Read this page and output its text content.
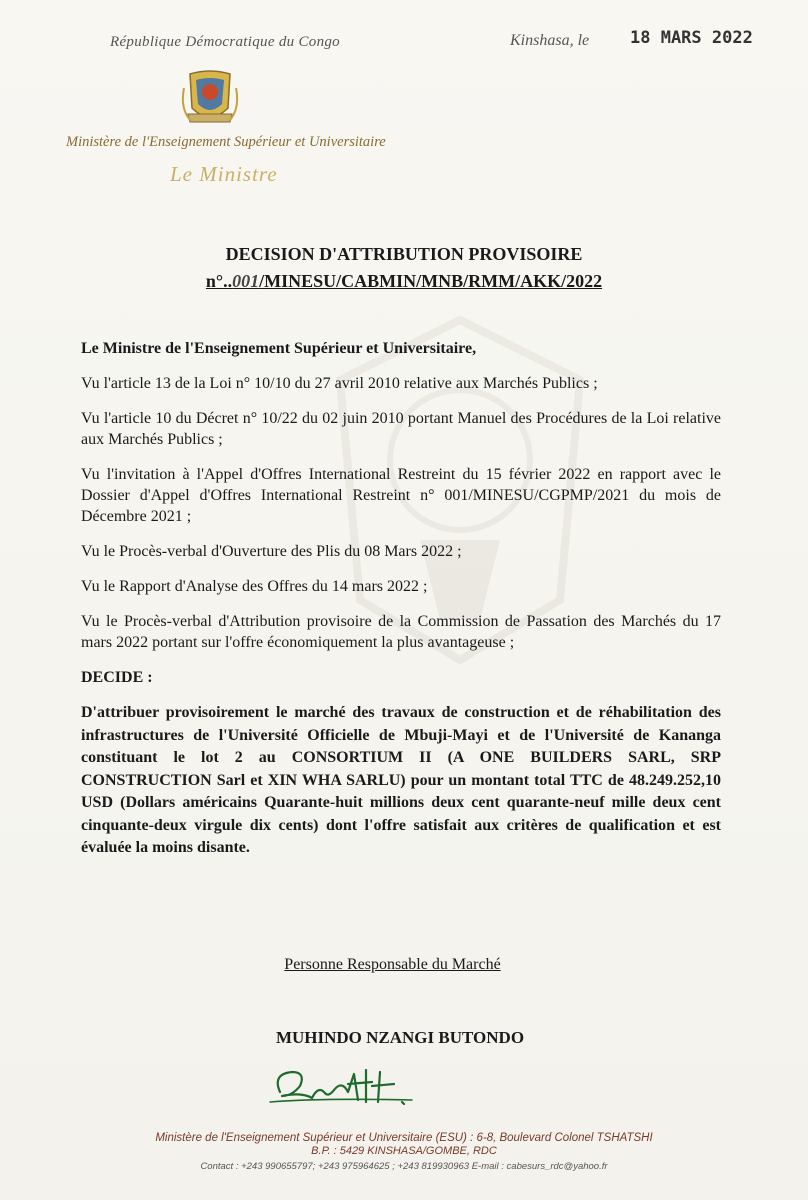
République Démocratique du Congo
Ministère de l'Enseignement Supérieur et Universitaire
Le Ministre
Kinshasa, le 18 MARS 2022
DECISION D'ATTRIBUTION PROVISOIRE
n°..001/MINESU/CABMIN/MNB/RMM/AKK/2022

Le Ministre de l'Enseignement Supérieur et Universitaire,

Vu l'article 13 de la Loi n° 10/10 du 27 avril 2010 relative aux Marchés Publics ;

Vu l'article 10 du Décret n° 10/22 du 02 juin 2010 portant Manuel des Procédures de la Loi relative aux Marchés Publics ;

Vu l'invitation à l'Appel d'Offres International Restreint du 15 février 2022 en rapport avec le Dossier d'Appel d'Offres International Restreint n° 001/MINESU/CGPMP/2021 du mois de Décembre 2021 ;

Vu le Procès-verbal d'Ouverture des Plis du 08 Mars 2022 ;

Vu le Rapport d'Analyse des Offres du 14 mars 2022 ;

Vu le Procès-verbal d'Attribution provisoire de la Commission de Passation des Marchés du 17 mars 2022 portant sur l'offre économiquement la plus avantageuse ;

DECIDE :

D'attribuer provisoirement le marché des travaux de construction et de réhabilitation des infrastructures de l'Université Officielle de Mbuji-Mayi et de l'Université de Kananga constituant le lot 2 au CONSORTIUM II (A ONE BUILDERS SARL, SRP CONSTRUCTION Sarl et XIN WHA SARLU) pour un montant total TTC de 48.249.252,10 USD (Dollars américains Quarante-huit millions deux cent quarante-neuf mille deux cent cinquante-deux virgule dix cents) dont l'offre satisfait aux critères de qualification et est évaluée la moins disante.

Personne Responsable du Marché
MUHINDO NZANGI BUTONDO
Ministère de l'Enseignement Supérieur et Universitaire (ESU) : 6-8, Boulevard Colonel TSHATSHI
B.P. : 5429 KINSHASA/GOMBE, RDC
Contact : +243 990655797; +243 975964625 ; +243 819930963 E-mail : cabesurs_rdc@yahoo.fr
